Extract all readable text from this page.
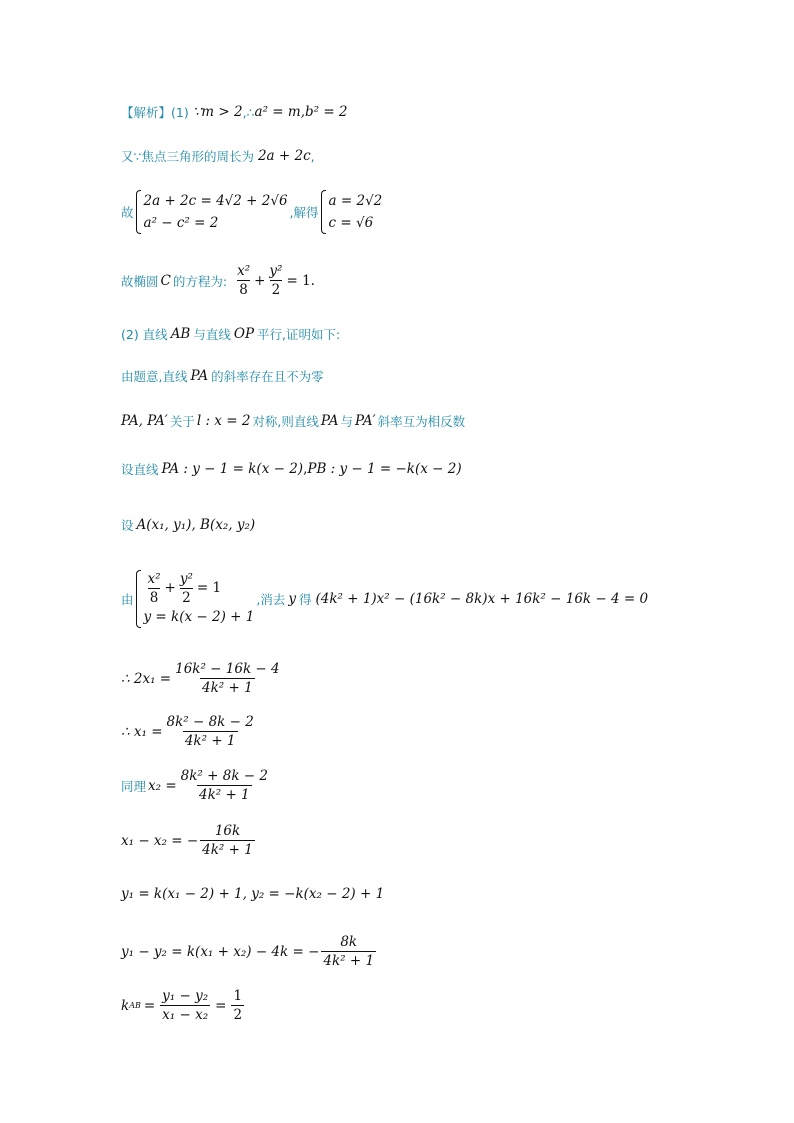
【解析】(1) ∵m > 2 ,∴ a² = m ,b² = 2
又∵焦点三角形的周长为 2a + 2c ,
故
2a + 2c = 4√2 + 2√6
a² − c² = 2
,解得
a = 2√2
c = √6
故椭圆 C 的方程为: $\frac{\text{x²}}{8} + \frac{\text{y²}}{2} = 1$.
(2) 直线 AB 与直线 OP 平行,证明如下:
由题意,直线 PA 的斜率存在且不为零
PA, PA′ 关于 l : x = 2 对称,则直线 PA 与 PA′ 斜率互为相反数
设直线 PA : y − 1 = k(x − 2) , PB : y − 1 = −k(x − 2)
设 A(x₁, y₁), B(x₂, y₂)
由 $\frac{\text{x²}}{8} + \frac{\text{y²}}{2} = 1$
y = k(x − 2) + 1
,消去 y 得 (4k² + 1)x² − (16k² − 8k)x + 16k² − 16k − 4 = 0
∴ $2x_1 = \frac{\text{16k² − 16k − 4}}{\text{4k² + 1}}$
∴ $x_1 = \frac{\text{8k² − 8k − 2}}{\text{4k² + 1}}$
同理 $x_2 = \frac{\text{8k² + 8k − 2}}{\text{4k² + 1}}$
x₁ − x₂ = − $\frac{16k}{\text{4k² + 1}}$
y₁ = k(x₁ − 2) + 1, y₂ = −k(x₂ − 2) + 1
y₁ − y₂ = k(x₁ + x₂) − 4k = − $\frac{8k}{\text{4k² + 1}}$
k AB = $\frac{\text{y₁ − y₂}}{\text{x₁ − x₂}} = \frac{1}{2}$
